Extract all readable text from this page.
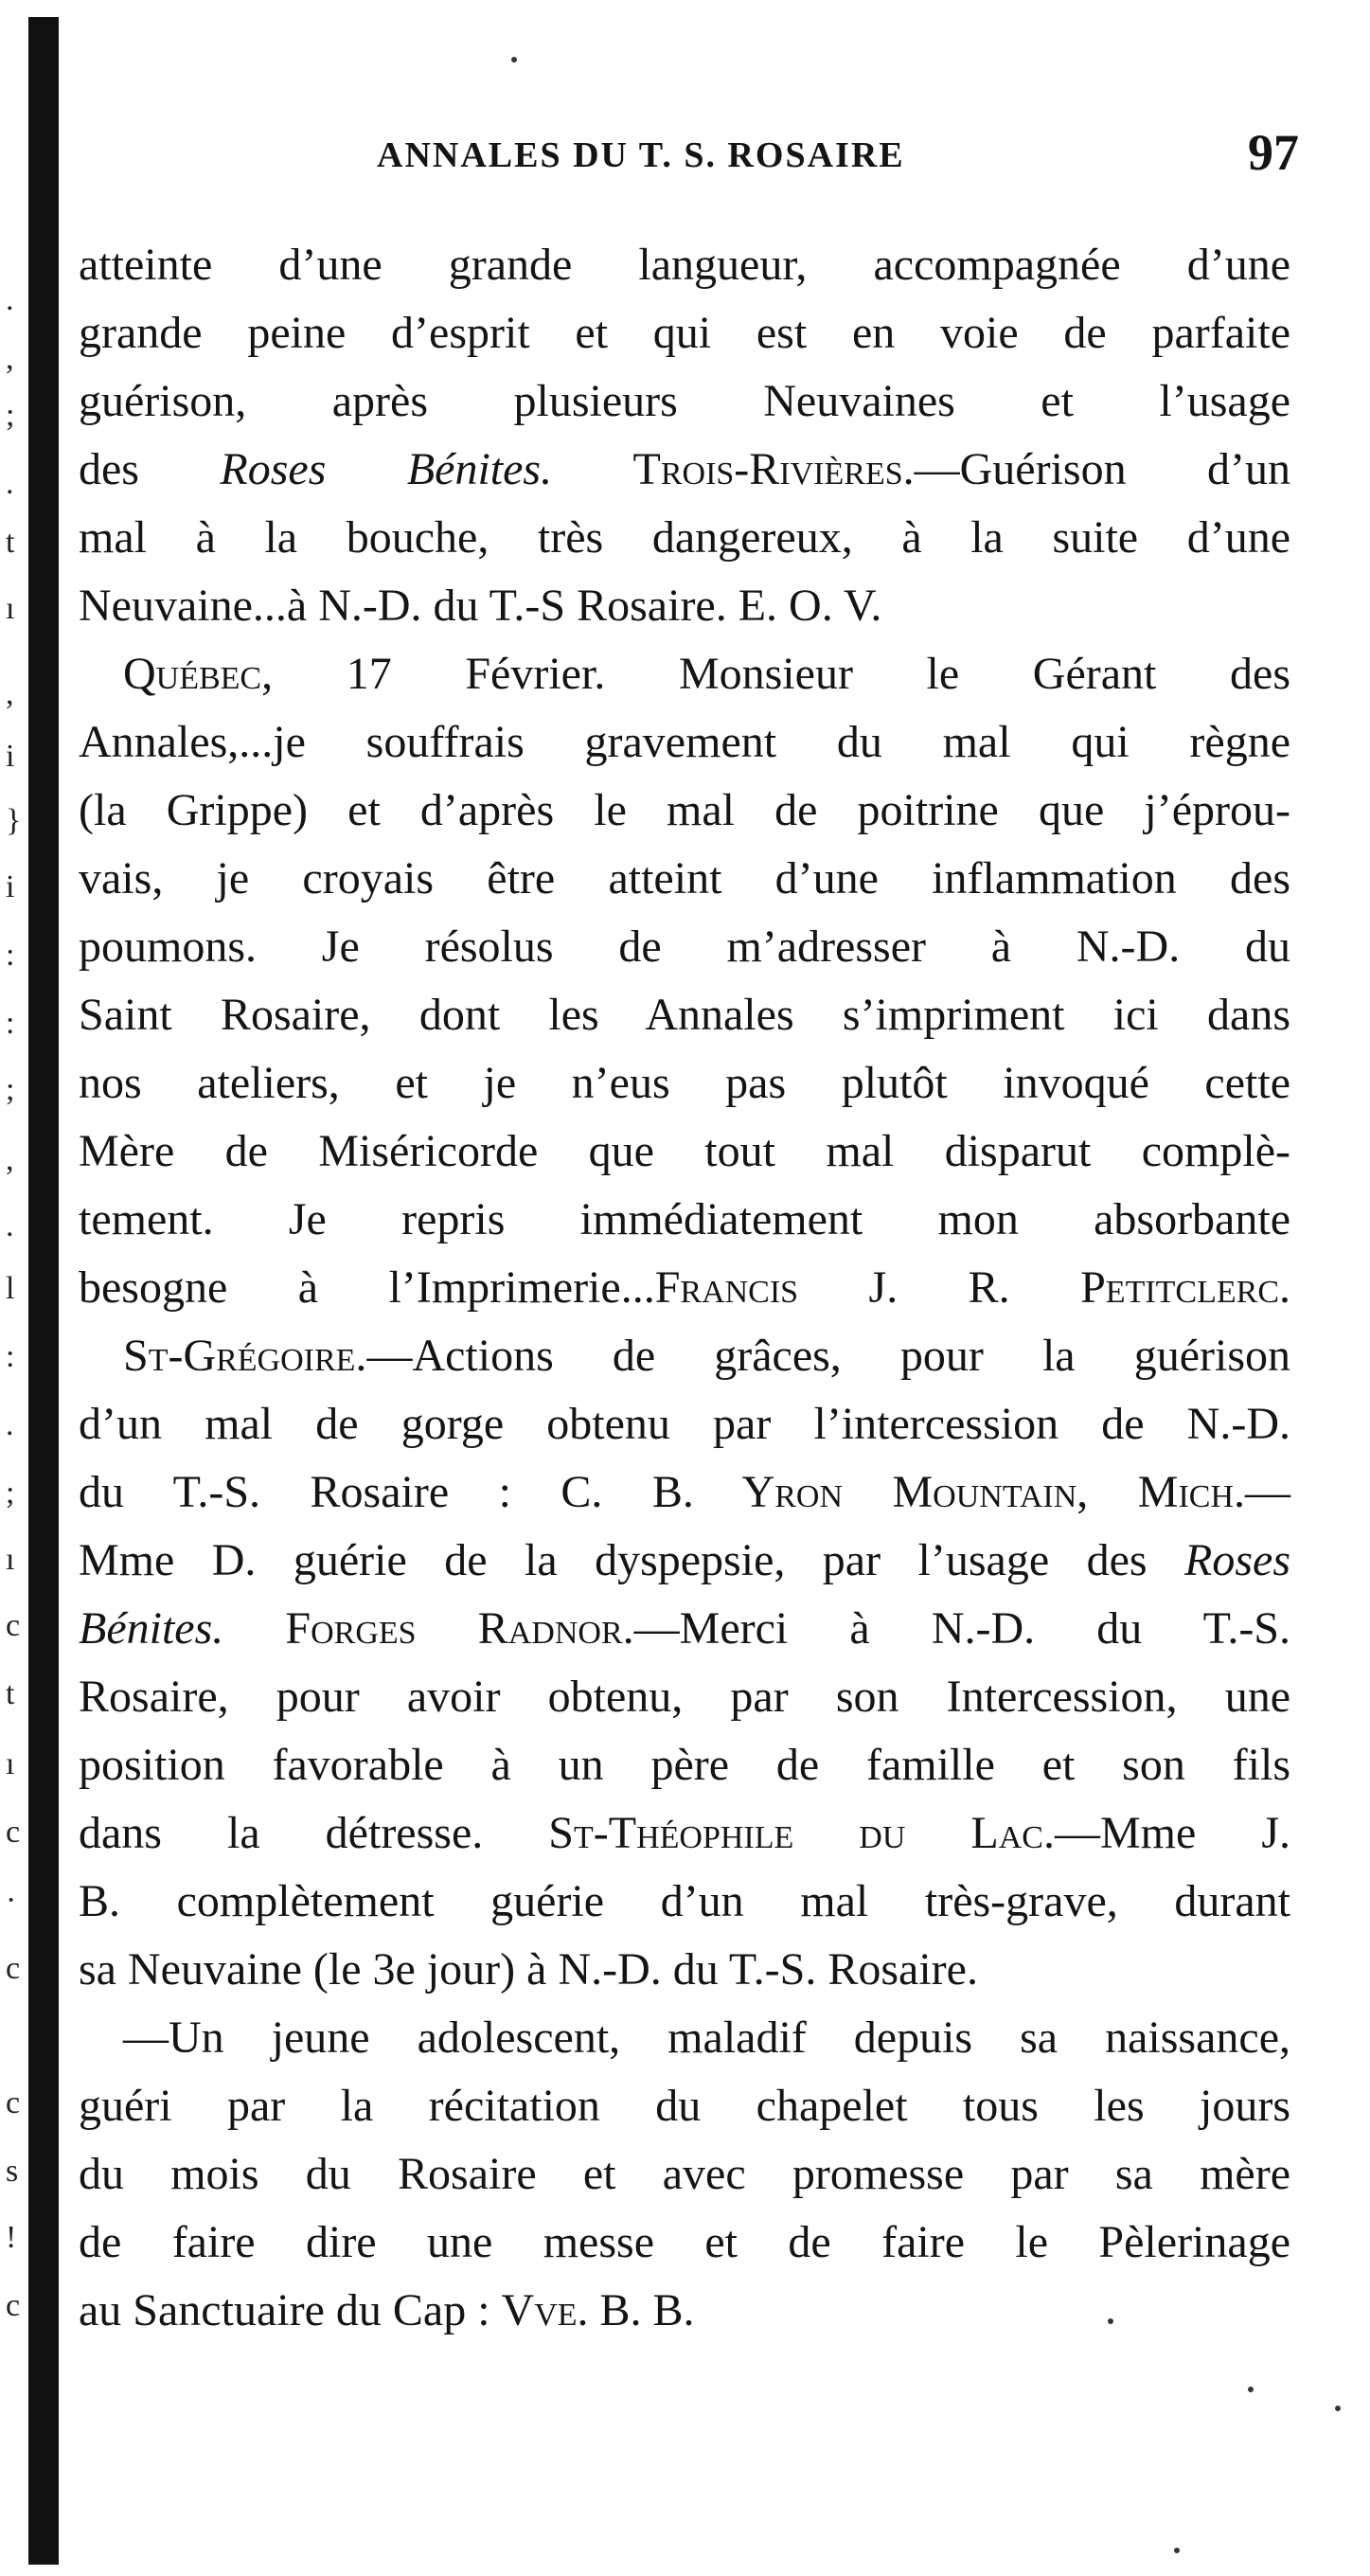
.
,
;
.
t
ı
,
i
}
i
:
:
;
,
.
l
:
.
;
ı
c
t
ı
c
·
c
c
s
!
c
ANNALES DU T. S. ROSAIRE	97
atteinte d’une grande langueur, accompagnée d’une
grande peine d’esprit et qui est en voie de parfaite
guérison, après plusieurs Neuvaines et l’usage
des Roses Bénites. Trois-Rivières.—Guérison d’un
mal à la bouche, très dangereux, à la suite d’une
Neuvaine...à N.-D. du T.-S Rosaire. E. O. V.
Québec, 17 Février. Monsieur le Gérant des
Annales,...je souffrais gravement du mal qui règne
(la Grippe) et d’après le mal de poitrine que j’éprou-
vais, je croyais être atteint d’une inflammation des
poumons. Je résolus de m’adresser à N.-D. du
Saint Rosaire, dont les Annales s’impriment ici dans
nos ateliers, et je n’eus pas plutôt invoqué cette
Mère de Miséricorde que tout mal disparut complè-
tement. Je repris immédiatement mon absorbante
besogne à l’Imprimerie...Francis J. R. Petitclerc.
St-Grégoire.—Actions de grâces, pour la guérison
d’un mal de gorge obtenu par l’intercession de N.-D.
du T.-S. Rosaire : C. B. Yron Mountain, Mich.—
Mme D. guérie de la dyspepsie, par l’usage des Roses
Bénites. Forges Radnor.—Merci à N.-D. du T.-S.
Rosaire, pour avoir obtenu, par son Intercession, une
position favorable à un père de famille et son fils
dans la détresse. St-Théophile du Lac.—Mme J.
B. complètement guérie d’un mal très-grave, durant
sa Neuvaine (le 3e jour) à N.-D. du T.-S. Rosaire.
—Un jeune adolescent, maladif depuis sa naissance,
guéri par la récitation du chapelet tous les jours
du mois du Rosaire et avec promesse par sa mère
de faire dire une messe et de faire le Pèlerinage
au Sanctuaire du Cap : Vve. B. B.
